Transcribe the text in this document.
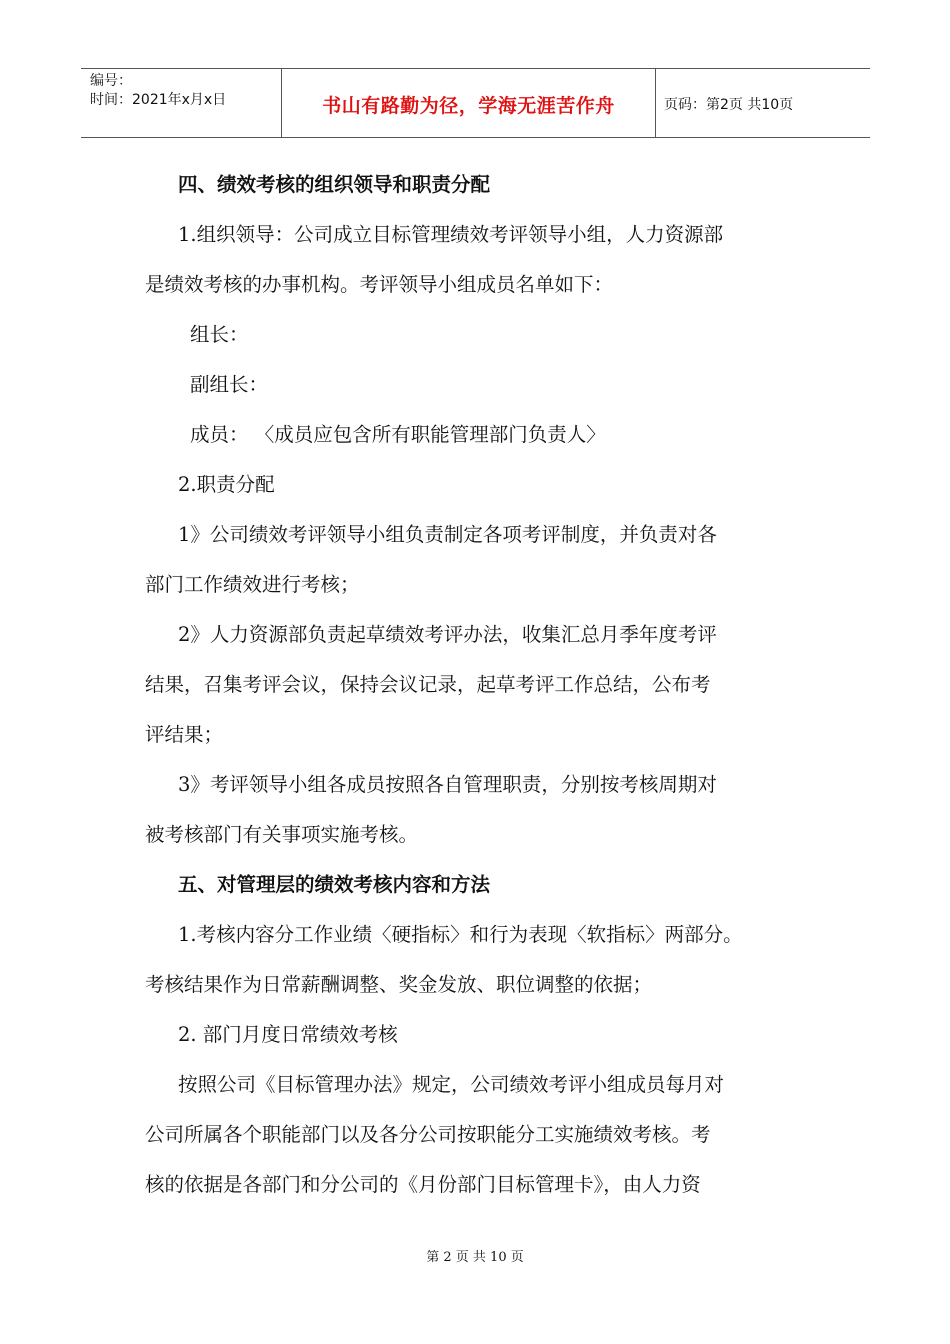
编号：
时间：2021年x月x日	书山有路勤为径，学海无涯苦作舟	页码：第2页 共10页
四、绩效考核的组织领导和职责分配
1.组织领导：公司成立目标管理绩效考评领导小组，人力资源部
是绩效考核的办事机构。考评领导小组成员名单如下：
组长：
副组长：
成员： 〈成员应包含所有职能管理部门负责人〉
2.职责分配
1》公司绩效考评领导小组负责制定各项考评制度，并负责对各
部门工作绩效进行考核；
2》人力资源部负责起草绩效考评办法，收集汇总月季年度考评
结果，召集考评会议，保持会议记录，起草考评工作总结，公布考
评结果；
3》考评领导小组各成员按照各自管理职责，分别按考核周期对
被考核部门有关事项实施考核。
五、对管理层的绩效考核内容和方法
1.考核内容分工作业绩〈硬指标〉和行为表现〈软指标〉两部分。
考核结果作为日常薪酬调整、奖金发放、职位调整的依据；
2. 部门月度日常绩效考核
按照公司《目标管理办法》规定，公司绩效考评小组成员每月对
公司所属各个职能部门以及各分公司按职能分工实施绩效考核。考
核的依据是各部门和分公司的《月份部门目标管理卡》，由人力资
第 2 页 共 10 页
